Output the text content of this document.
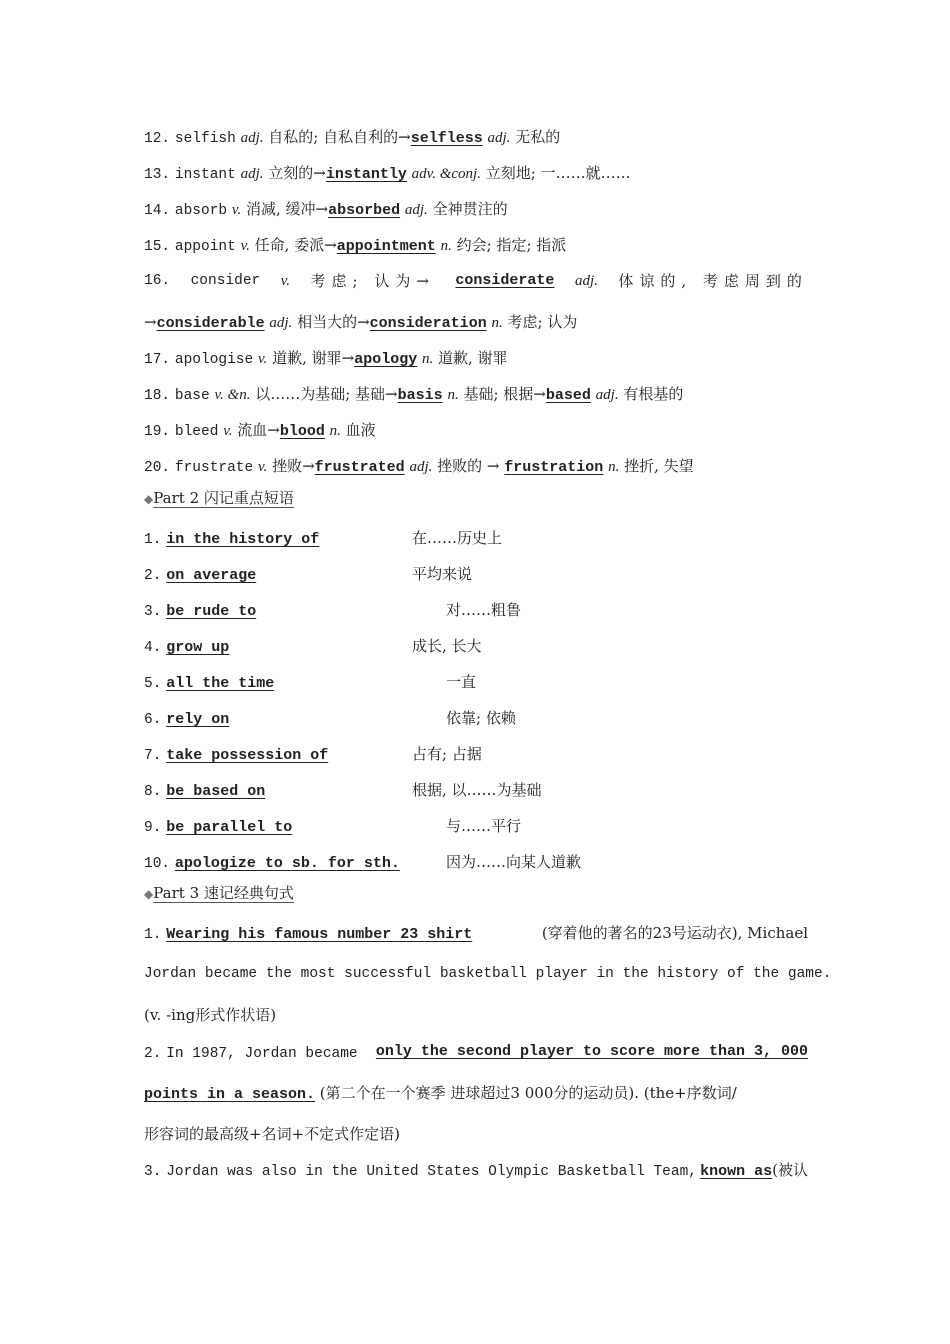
12. selfish adj. 自私的; 自私自利的→selfless adj. 无私的
13. instant adj. 立刻的→instantly adv. &conj. 立刻地; 一……就……
14. absorb v. 消减, 缓冲→absorbed adj. 全神贯注的
15. appoint v. 任命, 委派→appointment n. 约会; 指定; 指派
16. consider v. 考虑; 认为→ considerate adj. 体谅的, 考虑周到的
→considerable adj. 相当大的→consideration n. 考虑; 认为
17. apologise v. 道歉, 谢罪→apology n. 道歉, 谢罪
18. base v. &n. 以……为基础; 基础→basis n. 基础; 根据→based adj. 有根基的
19. bleed v. 流血→blood n. 血液
20. frustrate v. 挫败→frustrated adj. 挫败的 → frustration n. 挫折, 失望
◆Part 2 闪记重点短语
1. in the history of	在……历史上
2. on average	平均来说
3. be rude to	对……粗鲁
4. grow up	成长, 长大
5. all the time	一直
6. rely on	依靠; 依赖
7. take possession of	占有; 占据
8. be based on	根据, 以……为基础
9. be parallel to	与……平行
10. apologize to sb. for sth.	因为……向某人道歉
◆Part 3 速记经典句式
1. Wearing his famous number 23 shirt	(穿着他的著名的23号运动衣), Michael
Jordan became the most successful basketball player in the history of the game.
(v. -ing形式作状语)
2. In 1987, Jordan became only the second player to score more than 3, 000
points in a season. (第二个在一个赛季 进球超过3 000分的运动员). (the+序数词/
形容词的最高级+名词+不定式作定语)
3. Jordan was also in the United States Olympic Basketball Team, known as(被认
